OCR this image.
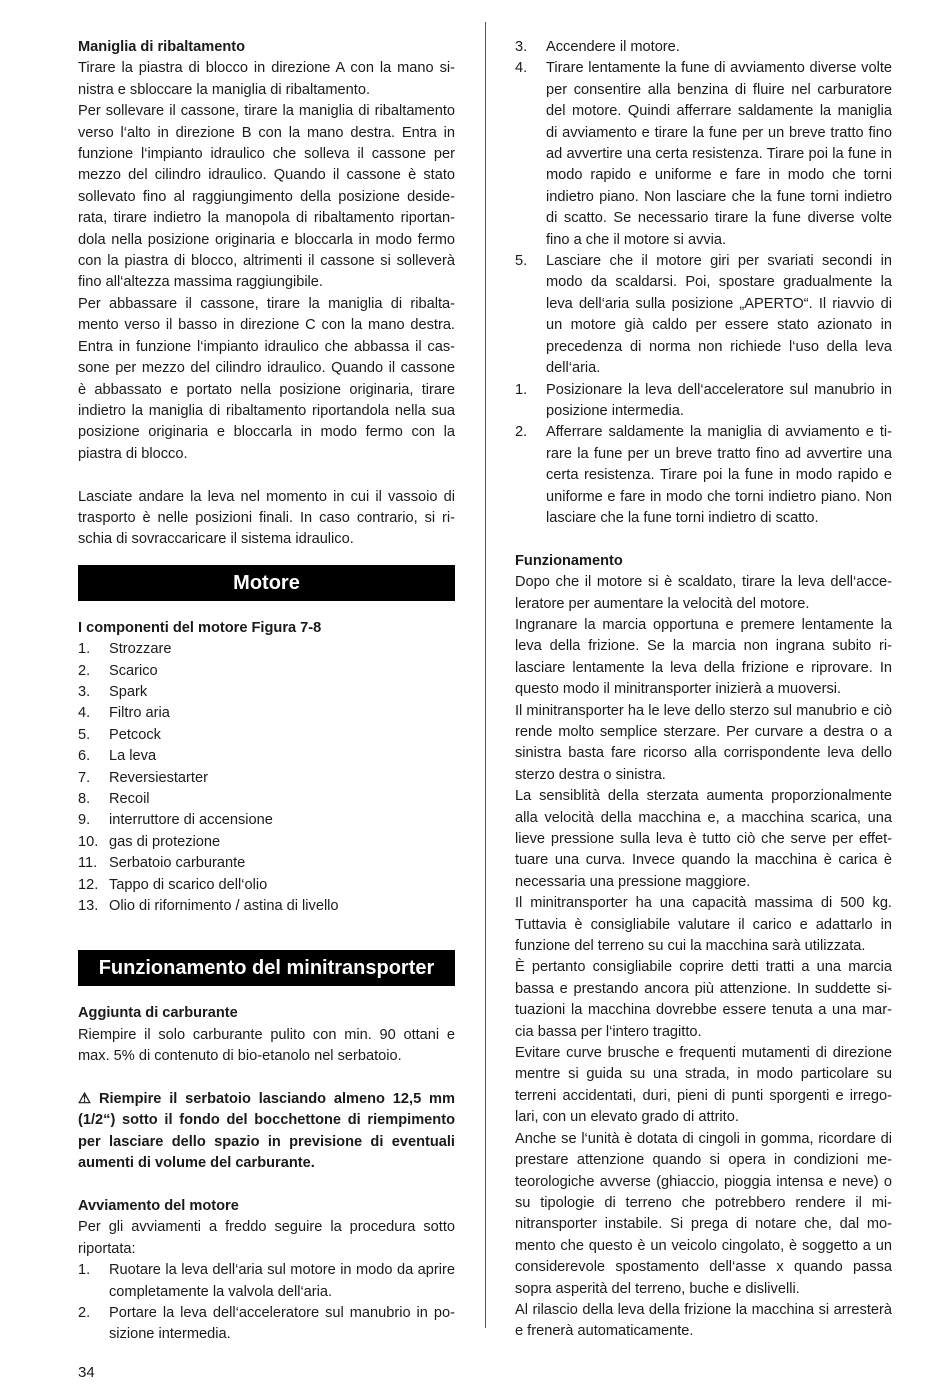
Maniglia di ribaltamento

Tirare la piastra di blocco in direzione A con la mano sinistra e sbloccare la maniglia di ribaltamento.

Per sollevare il cassone, tirare la maniglia di ribaltamento verso l‘alto in direzione B con la mano destra. Entra in funzione l‘impianto idraulico che solleva il cassone per mezzo del cilindro idraulico. Quando il cassone è stato sollevato fino al raggiungimento della posizione desiderata, tirare indietro la manopola di ribaltamento riportandola nella posizione originaria e bloccarla in modo fermo con la piastra di blocco, altrimenti il cassone si solleverà fino all‘altezza massima raggiungibile.

Per abbassare il cassone, tirare la maniglia di ribaltamento verso il basso in direzione C con la mano destra. Entra in funzione l‘impianto idraulico che abbassa il cassone per mezzo del cilindro idraulico. Quando il cassone è abbassato e portato nella posizione originaria, tirare indietro la maniglia di ribaltamento riportandola nella sua posizione originaria e bloccarla in modo fermo con la piastra di blocco.

Lasciate andare la leva nel momento in cui il vassoio di trasporto è nelle posizioni finali. In caso contrario, si rischia di sovraccaricare il sistema idraulico.

Motore

I componenti del motore Figura 7-8

1. Strozzare
2. Scarico
3. Spark
4. Filtro aria
5. Petcock
6. La leva
7. Reversiestarter
8. Recoil
9. interruttore di accensione
10. gas di protezione
11. Serbatoio carburante
12. Tappo di scarico dell‘olio
13. Olio di rifornimento / astina di livello
Funzionamento del minitransporter

Aggiunta di carburante

Riempire il solo carburante pulito con min. 90 ottani e max. 5% di contenuto di bio-etanolo nel serbatoio.

⚠ Riempire il serbatoio lasciando almeno 12,5 mm (1/2“) sotto il fondo del bocchettone di riempimento per lasciare dello spazio in previsione di eventuali aumenti di volume del carburante.

Avviamento del motore

Per gli avviamenti a freddo seguire la procedura sotto riportata:

1. Ruotare la leva dell‘aria sul motore in modo da aprire completamente la valvola dell‘aria.
2. Portare la leva dell‘acceleratore sul manubrio in posizione intermedia.
3. Accendere il motore.
4. Tirare lentamente la fune di avviamento diverse volte per consentire alla benzina di fluire nel carburatore del motore. Quindi afferrare saldamente la maniglia di avviamento e tirare la fune per un breve tratto fino ad avvertire una certa resistenza. Tirare poi la fune in modo rapido e uniforme e fare in modo che torni indietro piano. Non lasciare che la fune torni indietro di scatto. Se necessario tirare la fune diverse volte fino a che il motore si avvia.
5. Lasciare che il motore giri per svariati secondi in modo da scaldarsi. Poi, spostare gradualmente la leva dell‘aria sulla posizione „APERTO“. Il riavvio di un motore già caldo per essere stato azionato in precedenza di norma non richiede l‘uso della leva dell‘aria.
1. Posizionare la leva dell‘acceleratore sul manubrio in posizione intermedia.
2. Afferrare saldamente la maniglia di avviamento e tirare la fune per un breve tratto fino ad avvertire una certa resistenza. Tirare poi la fune in modo rapido e uniforme e fare in modo che torni indietro piano. Non lasciare che la fune torni indietro di scatto.

Funzionamento

Dopo che il motore si è scaldato, tirare la leva dell‘acceleratore per aumentare la velocità del motore.

Ingranare la marcia opportuna e premere lentamente la leva della frizione. Se la marcia non ingrana subito rilasciare lentamente la leva della frizione e riprovare. In questo modo il minitransporter inizierà a muoversi.

Il minitransporter ha le leve dello sterzo sul manubrio e ciò rende molto semplice sterzare. Per curvare a destra o a sinistra basta fare ricorso alla corrispondente leva dello sterzo destra o sinistra.

La sensiblità della sterzata aumenta proporzionalmente alla velocità della macchina e, a macchina scarica, una lieve pressione sulla leva è tutto ciò che serve per effettuare una curva. Invece quando la macchina è carica è necessaria una pressione maggiore.

Il minitransporter ha una capacità massima di 500 kg. Tuttavia è consigliabile valutare il carico e adattarlo in funzione del terreno su cui la macchina sarà utilizzata.

È pertanto consigliabile coprire detti tratti a una marcia bassa e prestando ancora più attenzione. In suddette situazioni la macchina dovrebbe essere tenuta a una marcia bassa per l‘intero tragitto.

Evitare curve brusche e frequenti mutamenti di direzione mentre si guida su una strada, in modo particolare su terreni accidentati, duri, pieni di punti sporgenti e irregolari, con un elevato grado di attrito.

Anche se l‘unità è dotata di cingoli in gomma, ricordare di prestare attenzione quando si opera in condizioni meteorologiche avverse (ghiaccio, pioggia intensa e neve) o su tipologie di terreno che potrebbero rendere il minitransporter instabile. Si prega di notare che, dal momento che questo è un veicolo cingolato, è soggetto a un considerevole spostamento dell‘asse x quando passa sopra asperità del terreno, buche e dislivelli.

Al rilascio della leva della frizione la macchina si arresterà e frenerà automaticamente.

34
